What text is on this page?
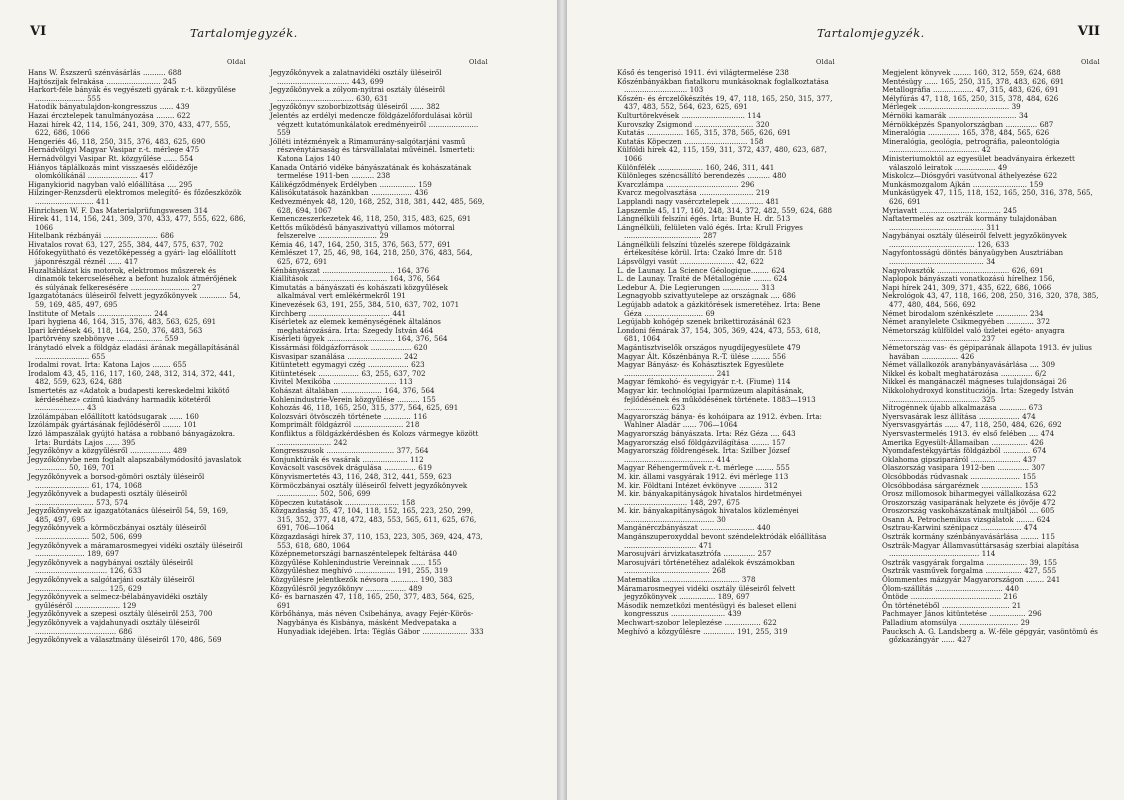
VI	Tartalomjegyzék.
Oldal
Hans W. Észszerű szénvásárlás .......... 688
Hajtószíjak felrakása ........................ 245
Harkort-féle bányák és vegyészeti gyárak r.-t. közgyűlése ...................... 555
Hatodik bányatulajdon-kongresszus ...... 439
Hazai érczteleрek tanulmányozása ........ 622
Hazai hírek 42, 114, 156, 241, 309, 370, 433, 477, 555, 622, 686, 1066
Hengeriés 46, 118, 250, 315, 376, 483, 625, 690
Hernádvölgyi Magyar Vasipar r.-t. mérlege 475
Hernádvölgyi Vasipar Rt. közgyűlése ...... 554
Hiányos táplálkozás mint visszaesés előidézője olomkólikánál ...................... 417
Higanykiorid nagyban való előállítása .... 295
Hilzinger-Renzsderü elektromos melegítő- és főzőeszközök .......................... 411
Hinrichsen W. F. Das Materialprüfungswesen 314
Hírek 41, 114, 156, 241, 309, 370, 433, 477, 555, 622, 686, 1066
Hitelbank rézbányái ........................ 686
Hivatalos rovat 63, 127, 255, 384, 447, 575, 637, 702
Hőfokegyütható és vezetőképesség a gyári- lag előállított jáponrészgál réznél ...... 417
Huzaltáblázat kis motorok, elektromos műszerek és dinamók tekercseléséhez a befont huzalok átmérőjének és súlyának felkeresésére .......................... 27
Igazgatótanács üléseiről felvett jegyzőkönyvek ............ 54, 59, 169, 485, 497, 695
Institute of Metals ........................ 244
Ipari hygiena 46, 164, 315, 376, 483, 563, 625, 691
Ipari kérdések 46, 118, 164, 250, 376, 483, 563
Ipartörvény szebbönyve .................... 559
Iránytadó elvek a földgáz eladási árának megállapításánál ........................ 655
Irodalmi rovat. Irta: Katona Lajos ........ 655
Irodalom 43, 45, 116, 117, 160, 248, 312, 314, 372, 441, 482, 559, 623, 624, 688
Ismertetés az «Adatok a budapesti kereskedelmi kikötő kérdéséhez» czímű kiadvány harmadik kötetéről ...................... 43
Izzólámpában előállított katódsugarak ...... 160
Izzólámpák gyártásának fejlődéséről ........ 101
Izzó lámpaszálak gyújtó hatása a robbanó bányagázokra. Irta: Burdáts Lajos ...... 395
Jegyzőkönyv a közgyűlésről .................. 489
Jegyzőkönyvbe nem foglalt alapszabálymódosító javaslatok .............. 50, 169, 701
Jegyzőkönyvek a borsod-gömöri osztály üléseiről ........................ 61, 174, 1068
Jegyzőkönyvek a budapesti osztály üléseiről .......................... 573, 574
Jegyzőkönyvek az igazgatótanács üléseiről 54, 59, 169, 485, 497, 695
Jegyzőkönyvek a körmöczbányai osztály üléseiről ........................ 502, 506, 699
Jegyzőkönyvek a máramarosmegyei vidéki osztály üléseiről ...................... 189, 697
Jegyzőkönyvek a nagybányai osztály üléseiről ................................ 126, 633
Jegyzőkönyvek a salgótarjáni osztály üléseiről ................................ 125, 629
Jegyzőkönyvek a selmecz-bélabányavidéki osztály gyűléséről .................... 129
Jegyzőkönyvek a szepesi osztály üléseiről 253, 700
Jegyzőkönyvek a vajdahunyadi osztály üléseiről .................................... 686
Jegyzőkönyvek a választmány üléseiről 170, 486, 569
Oldal
Jegyzőkönyvek a zalatnavidéki osztály üléseiről ................................ 443, 699
Jegyzőkönyvek a zólyom-nyitrai osztály üléseiről .................................. 630, 631
Jegyzőkönyv szoborbizottság üléseiről ...... 382
Jelentés az erdélyi medencze földgázelőfordulásai körül végzett kutatómunkálatok eredményeiről ...................... 559
Jólléti intézmények a Rimamurány-salgótarjáni vasmű részvénytársaság és társvállalatai művéinél. Ismerteti: Katona Lajos 140
Kanada Ontárió vidéke bányászatának és kohászatának termelése 1911-ben .......... 238
Kálikégződmények Erdélyben ................ 159
Kálisókutatások hazánkban .................. 436
Kedvezmények 48, 120, 168, 252, 318, 381, 442, 485, 569, 628, 694, 1067
Kemenczeszerkezetek 46, 118, 250, 315, 483, 625, 691
Kettős működésű bányaszivattyú villamos mótorral felszerelve .......................... 29
Kémia 46, 147, 164, 250, 315, 376, 563, 577, 691
Kémlészet 17, 25, 46, 98, 164, 218, 250, 376, 483, 564, 625, 672, 691
Kénbányászat ................................ 164, 376
Kiállítások .................................. 164, 376, 564
Kimutatás a bányászati és kohászati közgyűlések alkalmával vert emlékérmekről 191
Kinevezések 63, 191, 255, 384, 510, 637, 702, 1071
Kirchberg .................................... 441
Kísérletek az elemek keménységének általános meghatározására. Irta: Szegedy István 464
Kísérleti ügyek .............................. 164, 376, 564
Kissármási földgázforrások .................. 620
Kisvasipar szanálása ........................ 242
Kitüntetett egymagyi czég .................. 623
Kitüntetések .................. 63, 255, 637, 702
Kivitel Mexikóba ............................ 113
Kohászat általában .................. 164, 376, 564
Kohlenindustrie-Verein közgyűlése .......... 155
Kohozás 46, 118, 165, 250, 315, 377, 564, 625, 691
Kolozsvári ötvösczéh története ............ 116
Komprimált földgázról ...................... 218
Konfliktus a földgázkérdésben és Kolozs vármegye között ........................ 242
Kongresszusok .............................. 377, 564
Konjunktúrák és vasárak .................... 112
Kovácsolt vascsövek drágulása .............. 619
Könyvismertetés 43, 116, 248, 312, 441, 559, 623
Körmöczbányai osztály üléseiről felvett jegyzőkönyvek .................. 502, 506, 699
Köpeczen kutatások ........................ 158
Közgazdaság 35, 47, 104, 118, 152, 165, 223, 250, 299, 315, 352, 377, 418, 472, 483, 553, 565, 611, 625, 676, 691, 706—1064
Közgazdasági hírek 37, 110, 153, 223, 305, 369, 424, 473, 553, 618, 680, 1064
Középnemetországi barnaszéntelepek feltárása 440
Közgyűlése Kohlenindustrie Vereinnak ...... 155
Közgyűléshez meghívó .................. 191, 255, 319
Közgyűlésre jelentkezők névsora ............ 190, 383
Közgyűlésről jegyzőkönyv .................. 489
Kő- és barnaszén 47, 118, 165, 250, 377, 483, 564, 625, 691
Körbőhánya, más néven Csibehánya, avagy Fejér-Körös-Nagybánya és Kisbánya, másként Medvepataka a Hunyadiak idejében. Irta: Téglás Gábor .................... 333
Tartalomjegyzék.	VII
Oldal
Kőső és tengerisó 1911. évi világtermelése 238
Kőszénbányákban fiatalkoru munkásoknak foglalkoztatása ............................ 103
Kőszén- és érczelőkészítés 19, 47, 118, 165, 250, 315, 377, 437, 483, 552, 564, 623, 625, 691
Kulturtörekvések ............................ 114
Kurovszky Zsigmond .......................... 320
Kutatás ................ 165, 315, 378, 565, 626, 691
Kutatás Köpeczen ............................ 158
Külföldi hírek 42, 115, 159, 311, 372, 437, 480, 623, 687, 1066
Különfélék .................... 160, 246, 311, 441
Különleges széncsállító berendezés .......... 480
Kvarczlámpa ................................ 296
Kvarcz megolvasztása ........................ 219
Lapplandi nagy vasércztelepek .............. 481
Lapszemle 45, 117, 160, 248, 314, 372, 482, 559, 624, 688
Lángnélküli felszíni égés. Irta: Bunte H. dr. 513
Lángnélküli, felületen való égés. Irta: Krull Frigyes .................................. 287
Lángnélküli felszíni tüzelés szerepe földgázaink értékesítése körül. Irta: Czakó Imre dr. 518
Lápsvölgyi vasút ........................ 42, 622
L. de Launay. La Science Géologique........ 624
L. de Launay. Traité de Métallogénie ........ 624
Ledebur A. Die Legierungen ................ 313
Legnagyobb szivattyutelepe az országnak .... 686
Legújabb adatok a gázkitörések ismeretéhez. Irta: Bene Géza .......................... 69
Legújabb kohógép szenek brikettirozásánál 623
Londoni fémárak 37, 154, 305, 369, 424, 473, 553, 618, 681, 1064
Magántisztviselők országos nyugdíjegyesülete 479
Magyar Ált. Kőszénbánya R.-T. ülése ........ 556
Magyar Bányász- és Kohásztisztek Egyesülete ........................................ 241
Magyar fémkohó- és vegyigyár r.-t. (Fiume) 114
Magyar kir. technológiai Iparmúzeum alapításának, fejlődésének és működésének története. 1883—1913 .................... 623
Magyarország bánya- és kohóipara az 1912. évben. Irta: Wahlner Aladár ...... 706—1064
Magyarország bányászata. Irta: Réz Géza .... 643
Magyarország első földgázvilágítása ........ 157
Magyarország földrengések. Irta: Szilber József ........................................ 414
Magyar Réhengerművek r.-t. mérlege ........ 555
M. kir. állami vasgyárak 1912. évi mérlege 113
M. kir. Földtani Intézet évkönyve .......... 312
M. kir. bányakapitányságok hivatalos hirdetményei ............................ 148, 297, 675
M. kir. bányakapitányságok hivatalos közleményei ........................................ 30
Mangánérczbányászat ........................ 440
Mangánszuperoxyddal bevont széndelektródák előállítása ................................ 471
Marosujvári árvizkatasztrófa .............. 257
Marosujvári történetéhez adalékok évszámokban ...................................... 268
Matematika .................................. 378
Máramarosmegyei vidéki osztály üléseiről felvett jegyzőkönyvek ................ 189, 697
Második nemzetközi mentésügyi és baleset elleni kongresszus ........................ 439
Mechwart-szobor leleplezése ................ 622
Meghívó a közgyűlésre .............. 191, 255, 319
Oldal
Megjelent könyvek ........ 160, 312, 559, 624, 688
Mentésügy ...... 165, 250, 315, 378, 483, 626, 691
Metallográfia .................. 47, 315, 483, 626, 691
Mélyfúrás 47, 118, 165, 250, 315, 378, 484, 626
Mérlegek ........................................ 39
Mérnöki kamarák .............................. 34
Mérnökképzés Spanyolországban .............. 687
Mineralógia .............. 165, 378, 484, 565, 626
Mineralógia, geológia, petrográfia, paleontológia ........................................ 42
Ministeriumoktól az egyesület beadványaira érkezett válaszoló leiratok .................. 49
Miskolcz—Diósgyőri vasútvonal áthelyezése 622
Munkásmozgalom Ajkán ........................ 159
Munkásügyek 47, 115, 118, 152, 165, 250, 316, 378, 565, 626, 691
Myriavatt .................................... 245
Naftatermelés az osztrák kormány tulajdonában .......................................... 311
Nagybányai osztály üléseiről felvett jegyzőkönyvek ...................................... 126, 633
Nagyfontosságú döntés bányaügyben Ausztriában .......................................... 34
Nagyolvasztók ................................ 626, 691
Naplopok bányászati vonatkozású hírelhez 156,
Napi hírek 241, 309, 371, 435, 622, 686, 1066
Nekrológok 43, 47, 118, 166, 208, 250, 316, 320, 378, 385, 477, 480, 484, 566, 692
Német birodalom szénkészlete .............. 234
Német aranylelete Csikmegyében ............ 372
Németország külföldel való üzletei egéto- anyagra ........................................ 237
Németország vas- és gépiparának állapota 1913. év julius havában ................ 426
Német vállalkozók aranybányavásárlása .... 309
Nikkel és kobalt meghatározása .............. 6/2
Nikkel és mangánaczél mágneses tulajdonságai 26
Nikkolohydroxyd konstitucziója. Irta: Szegedy István ........................................ 325
Nitrogénnek újabb alkalmazása ............ 673
Nyersvasárak lesz állítása .................. 474
Nyersvasgyártás ...... 47, 118, 250, 484, 626, 692
Nyersvastermelés 1913. év első felében .... 474
Amerika Egyesült-Államaiban ................ 426
Nyomdafestékgyártás földgázból ............ 674
Oklahoma gipsziparáról ...................... 437
Olaszország vasipara 1912-ben .............. 307
Olcsóbbodás rúdvasnak ...................... 155
Olcsóbbodása sárgaréznek .................. 153
Orosz millomosok biharmegyei vállalkozása 622
Oroszország vasiparának helyzete és jövője 472
Oroszország vaskohászatának multjából .... 605
Osann A. Petrochemikus vizsgálatok ........ 624
Osztrau-Karwini szénipacz .................. 474
Osztrák kormány szénbányavásárlása ........ 115
Osztrák-Magyar Államvasúttársaság szerbiai alapítása ........................................ 114
Osztrák vasgyárak forgalma .................. 39, 155
Osztrák vasművek forgalma ................ 427, 555
Ölommentes mázgyár Magyarországon ........ 241
Ölom-szállítás .............................. 440
Öntöde ........................................ 216
Ön történetéből .............................. 21
Pachmayer János kitüntetése ................ 296
Palladium atomsúlya .......................... 29
Paucksch A. G. Landsberg a. W.-féle gépgyár, vasöntömü és gőzkazángyár ...... 427
